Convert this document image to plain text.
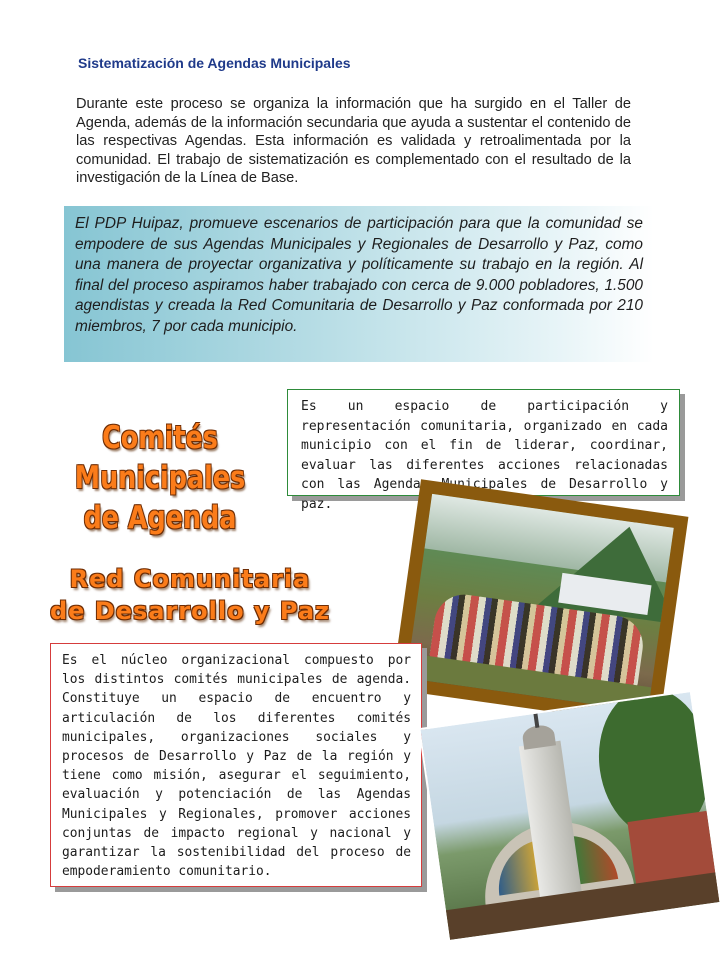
Sistematización de Agendas Municipales
Durante este proceso se organiza la información que ha surgido en el Taller de Agenda, además de la información secundaria que ayuda a sustentar el contenido de las respectivas Agendas. Esta información es validada y retroalimentada por la comunidad. El trabajo de sistematización es complementado con el resultado de la investigación de la Línea de Base.

El PDP Huipaz, promueve escenarios de participación para que la comunidad se empodere de sus Agendas Municipales y Regionales de Desarrollo y Paz, como una manera de proyectar organizativa y políticamente su trabajo en la región. Al final del proceso aspiramos haber trabajado con cerca de 9.000 pobladores, 1.500 agendistas y creada la Red Comunitaria de Desarrollo y Paz conformada por 210 miembros, 7 por cada municipio.

Comités Municipales
de Agenda
Es un espacio de participación y representación comunitaria, organizado en cada municipio con el fin de liderar, coordinar, evaluar las diferentes acciones relacionadas con las Agendas Municipales de Desarrollo y paz.
Red Comunitaria
de Desarrollo y Paz
Es el núcleo organizacional compuesto por los distintos comités municipales de agenda. Constituye un espacio de encuentro y articulación de los diferentes comités municipales, organizaciones sociales y procesos de Desarrollo y Paz de la región y tiene como misión, asegurar el seguimiento, evaluación y potenciación de las Agendas Municipales y Regionales, promover acciones conjuntas de impacto regional y nacional y garantizar la sostenibilidad del proceso de empoderamiento comunitario.
